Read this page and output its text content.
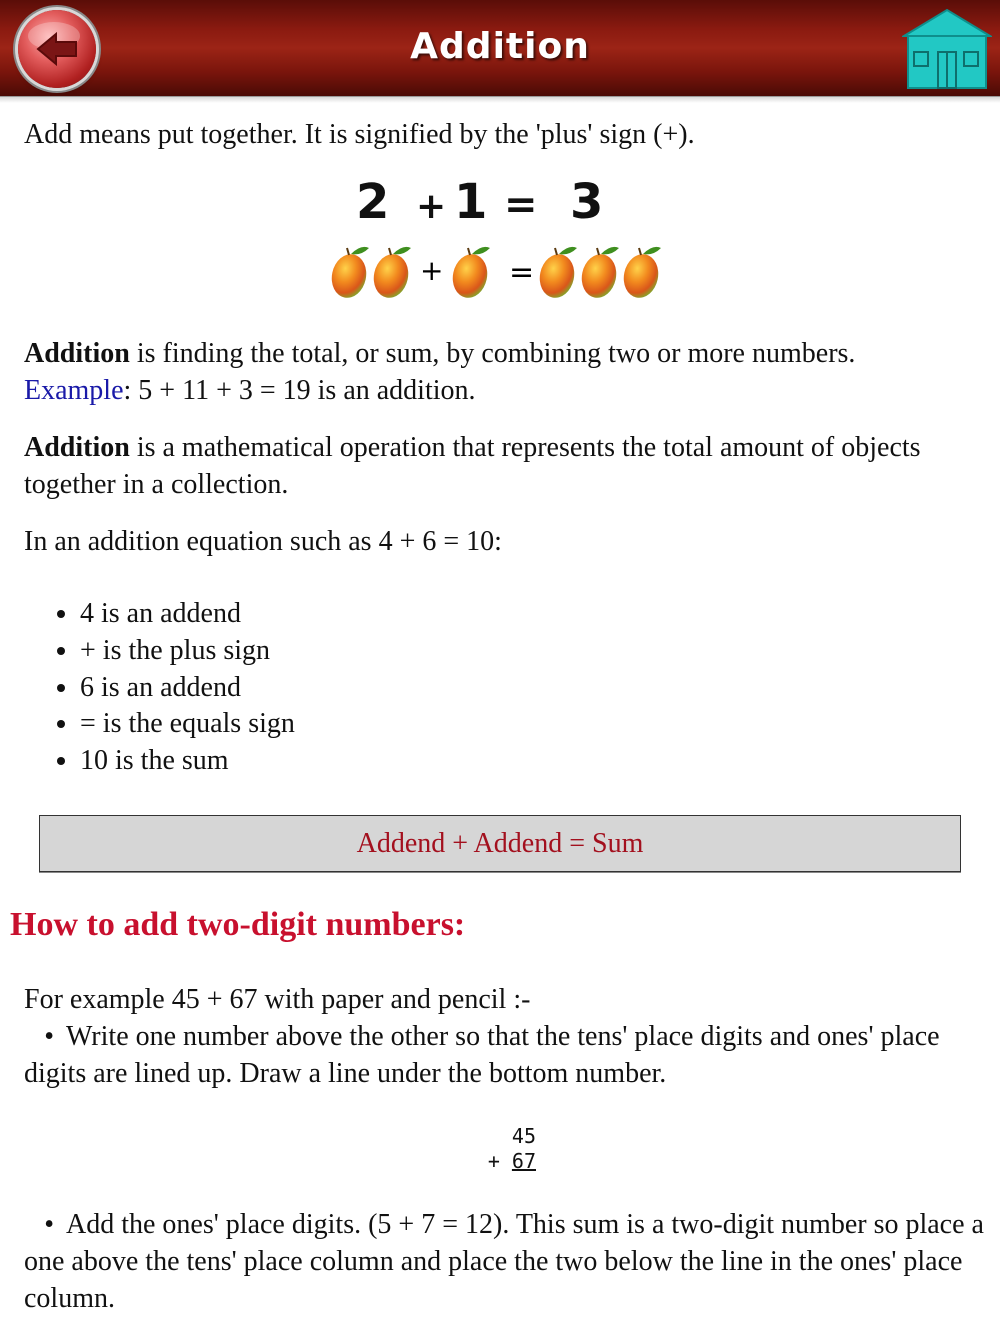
Addition

Add means put together. It is signified by the 'plus' sign (+).

2 + 1 = 3
+ =

Addition is finding the total, or sum, by combining two or more numbers.

Example: 5 + 11 + 3 = 19 is an addition.

Addition is a mathematical operation that represents the total amount of objects together in a collection.

In an addition equation such as 4 + 6 = 10:

• 4 is an addend
• + is the plus sign
• 6 is an addend
• = is the equals sign
• 10 is the sum
Addend + Addend = Sum
How to add two-digit numbers:

For example 45 + 67 with paper and pencil :-

• Write one number above the other so that the tens' place digits and ones' place digits are lined up. Draw a line under the bottom number.

45
+ 67

• Add the ones' place digits. (5 + 7 = 12). This sum is a two-digit number so place a one above the tens' place column and place the two below the line in the ones' place column.
